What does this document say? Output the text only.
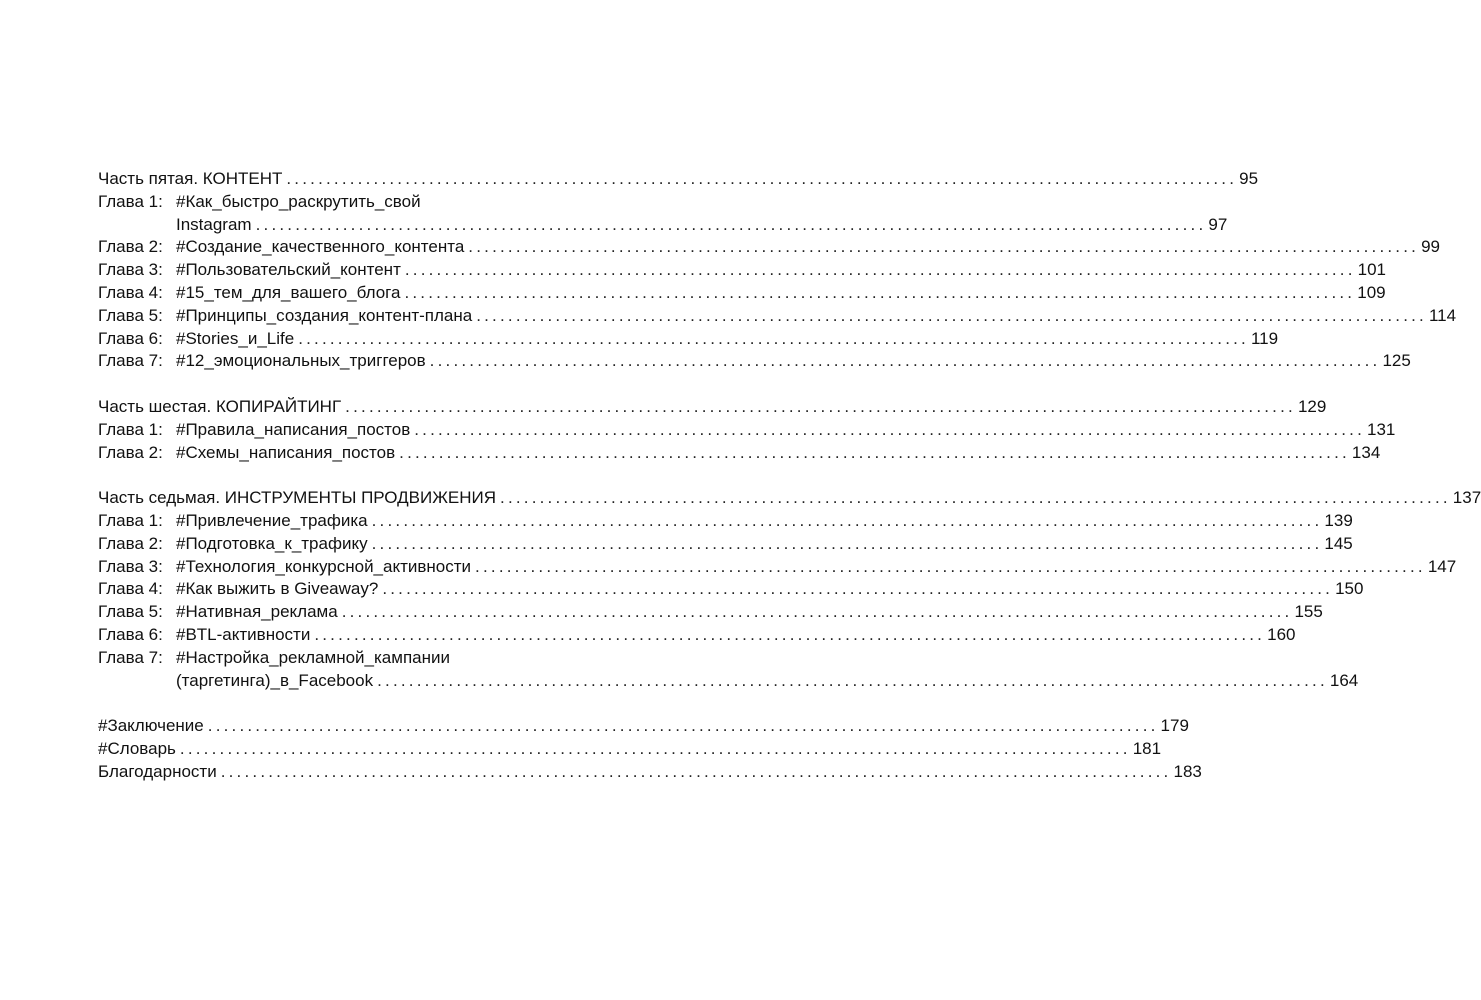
Часть пятая. КОНТЕНТ ........................................................................................................................ 95
Глава 1: #Как_быстро_раскрутить_свой
Instagram ........................................................................................................................ 97
Глава 2: #Создание_качественного_контента ........................................................................................................................ 99
Глава 3: #Пользовательский_контент ........................................................................................................................ 101
Глава 4: #15_тем_для_вашего_блога ........................................................................................................................ 109
Глава 5: #Принципы_создания_контент-плана ........................................................................................................................ 114
Глава 6: #Stories_и_Life ........................................................................................................................ 119
Глава 7: #12_эмоциональных_триггеров ........................................................................................................................ 125
Часть шестая. КОПИРАЙТИНГ ........................................................................................................................ 129
Глава 1: #Правила_написания_постов ........................................................................................................................ 131
Глава 2: #Схемы_написания_постов ........................................................................................................................ 134
Часть седьмая. ИНСТРУМЕНТЫ ПРОДВИЖЕНИЯ ........................................................................................................................ 137
Глава 1: #Привлечение_трафика ........................................................................................................................ 139
Глава 2: #Подготовка_к_трафику ........................................................................................................................ 145
Глава 3: #Технология_конкурсной_активности ........................................................................................................................ 147
Глава 4: #Как выжить в Giveaway? ........................................................................................................................ 150
Глава 5: #Нативная_реклама ........................................................................................................................ 155
Глава 6: #BTL-активности ........................................................................................................................ 160
Глава 7: #Настройка_рекламной_кампании
(таргетинга)_в_Facebook ........................................................................................................................ 164
#Заключение ........................................................................................................................ 179
#Словарь ........................................................................................................................ 181
Благодарности ........................................................................................................................ 183
